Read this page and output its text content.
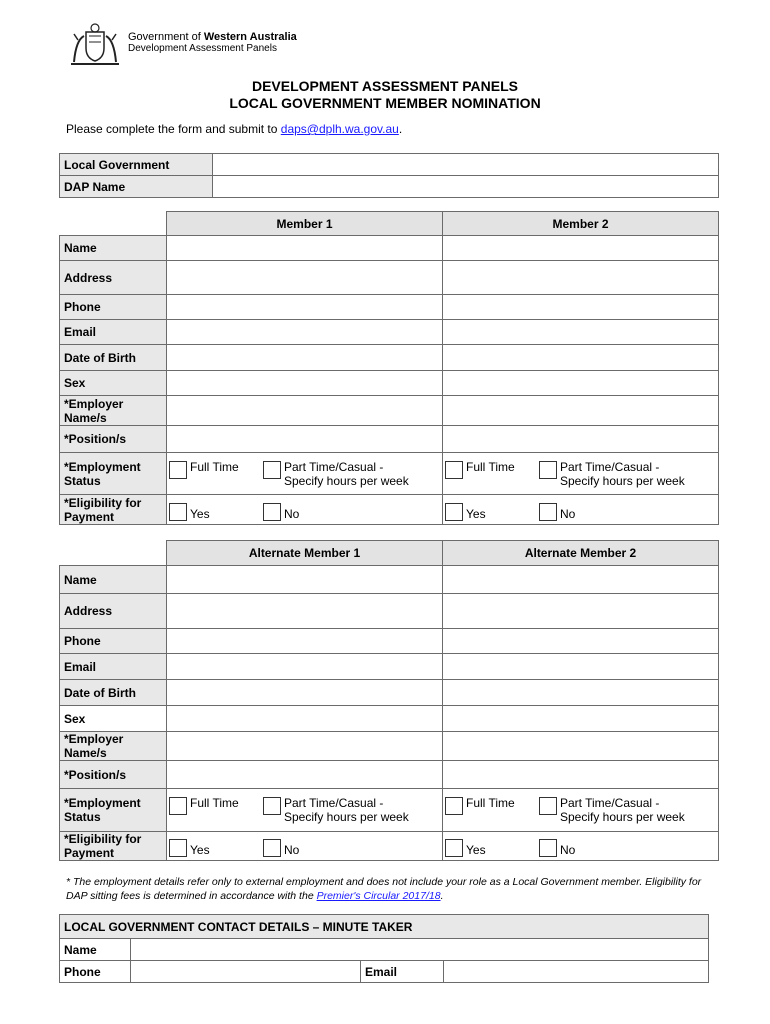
Government of Western Australia
Development Assessment Panels
DEVELOPMENT ASSESSMENT PANELS
LOCAL GOVERNMENT MEMBER NOMINATION
Please complete the form and submit to daps@dplh.wa.gov.au.
Local Government	
DAP Name	
	Member 1	Member 2
Name		
Address		
Phone		
Email		
Date of Birth		
Sex		
*Employer Name/s		
*Position/s		
*Employment Status	Full Time Part Time/Casual - Specify hours per week	Full Time Part Time/Casual - Specify hours per week

*Eligibility for Payment	Yes No	Yes No
	Alternate Member 1	Alternate Member 2
Name		
Address		
Phone		
Email		
Date of Birth		
Sex		
*Employer Name/s		
*Position/s		
*Employment Status	Full Time Part Time/Casual - Specify hours per week	Full Time Part Time/Casual - Specify hours per week

*Eligibility for Payment	Yes No	Yes No
* The employment details refer only to external employment and does not include your role as a Local Government member. Eligibility for DAP sitting fees is determined in accordance with the Premier's Circular 2017/18.
LOCAL GOVERNMENT CONTACT DETAILS – MINUTE TAKER			
Name			
Phone		Email	
